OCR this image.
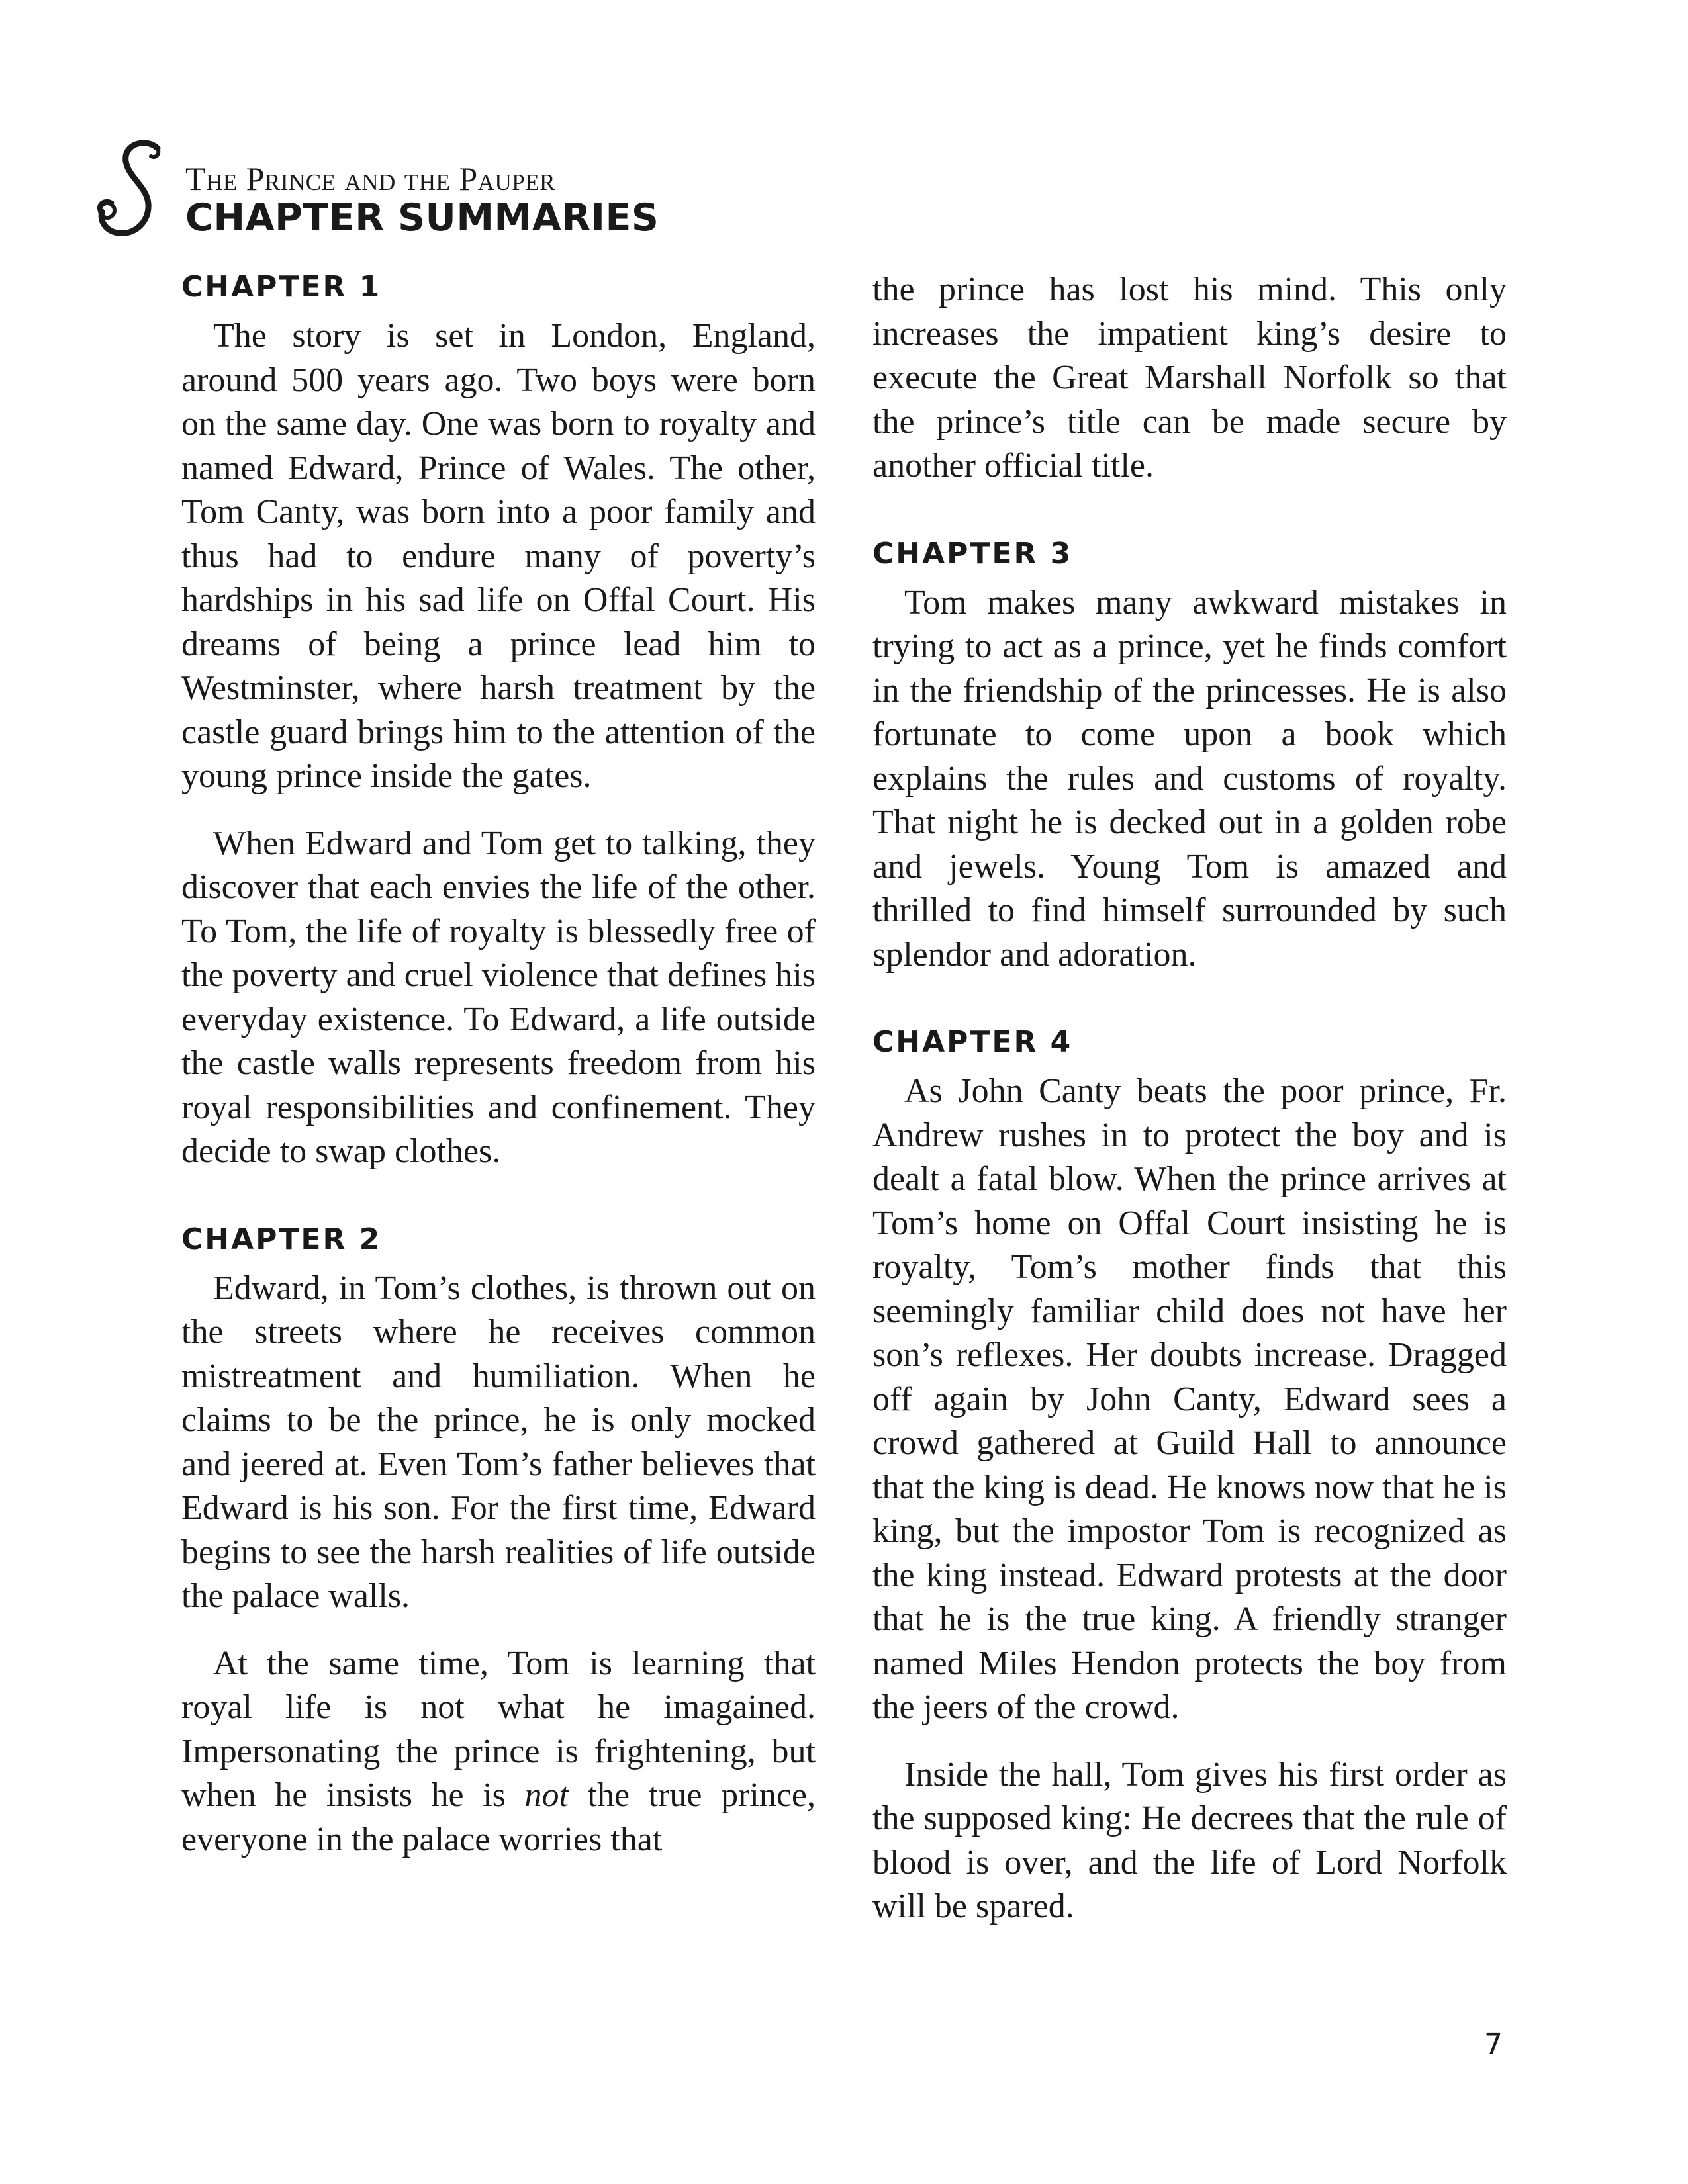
The Prince and the Pauper
CHAPTER SUMMARIES
CHAPTER 1

The story is set in London, England, around 500 years ago. Two boys were born on the same day. One was born to royalty and named Edward, Prince of Wales. The other, Tom Canty, was born into a poor family and thus had to endure many of poverty’s hardships in his sad life on Offal Court. His dreams of being a prince lead him to Westminster, where harsh treatment by the castle guard brings him to the attention of the young prince inside the gates.

When Edward and Tom get to talking, they discover that each envies the life of the other. To Tom, the life of royalty is blessedly free of the poverty and cruel violence that defines his everyday existence. To Edward, a life outside the castle walls represents freedom from his royal responsibilities and confinement. They decide to swap clothes.

CHAPTER 2

Edward, in Tom’s clothes, is thrown out on the streets where he receives common mistreatment and humiliation. When he claims to be the prince, he is only mocked and jeered at. Even Tom’s father believes that Edward is his son. For the first time, Edward begins to see the harsh realities of life outside the palace walls.

At the same time, Tom is learning that royal life is not what he imagained. Impersonating the prince is frightening, but when he insists he is not the true prince, everyone in the palace worries that

the prince has lost his mind. This only increases the impatient king’s desire to execute the Great Marshall Norfolk so that the prince’s title can be made secure by another official title.

CHAPTER 3

Tom makes many awkward mistakes in trying to act as a prince, yet he finds comfort in the friendship of the princesses. He is also fortunate to come upon a book which explains the rules and customs of royalty. That night he is decked out in a golden robe and jewels. Young Tom is amazed and thrilled to find himself surrounded by such splendor and adoration.

CHAPTER 4

As John Canty beats the poor prince, Fr. Andrew rushes in to protect the boy and is dealt a fatal blow. When the prince arrives at Tom’s home on Offal Court insisting he is royalty, Tom’s mother finds that this seemingly familiar child does not have her son’s reflexes. Her doubts increase. Dragged off again by John Canty, Edward sees a crowd gathered at Guild Hall to announce that the king is dead. He knows now that he is king, but the impostor Tom is recognized as the king instead. Edward protests at the door that he is the true king. A friendly stranger named Miles Hendon protects the boy from the jeers of the crowd.

Inside the hall, Tom gives his first order as the supposed king: He decrees that the rule of blood is over, and the life of Lord Norfolk will be spared.

7
